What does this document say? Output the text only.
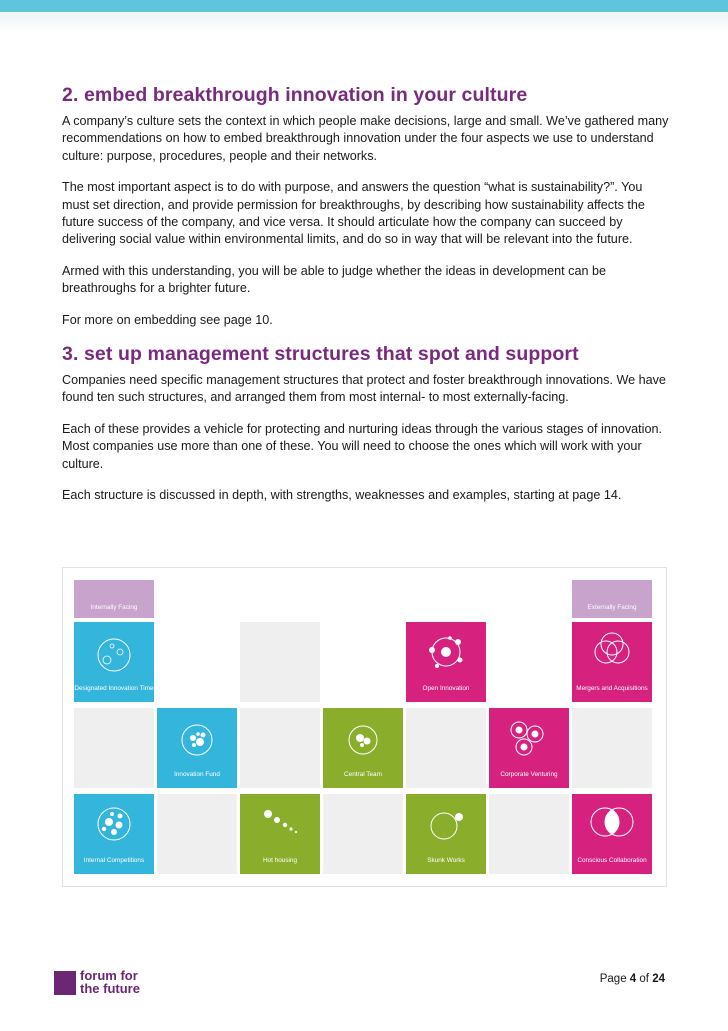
2. embed breakthrough innovation in your culture

A company’s culture sets the context in which people make decisions, large and small. We’ve gathered many recommendations on how to embed breakthrough innovation under the four aspects we use to understand culture: purpose, procedures, people and their networks.

The most important aspect is to do with purpose, and answers the question “what is sustainability?”. You must set direction, and provide permission for breakthroughs, by describing how sustainability affects the future success of the company, and vice versa. It should articulate how the company can succeed by delivering social value within environmental limits, and do so in way that will be relevant into the future.

Armed with this understanding, you will be able to judge whether the ideas in development can be breathroughs for a brighter future.

For more on embedding see page 10.

3. set up management structures that spot and support

Companies need specific management structures that protect and foster breakthrough innovations. We have found ten such structures, and arranged them from most internal- to most externally-facing.

Each of these provides a vehicle for protecting and nurturing ideas through the various stages of innovation. Most companies use more than one of these. You will need to choose the ones which will work with your culture.

Each structure is discussed in depth, with strengths, weaknesses and examples, starting at page 14.

Internally Facing	Externally Facing
Designated Innovation Time	Open Innovation	Mergers and Acquisitions
Innovation Fund	Central Team	Corporate Venturing
Internal Competitions	Hot housing	Skunk Works	Conscious Collaboration
forum for
the future
Page 4 of 24
